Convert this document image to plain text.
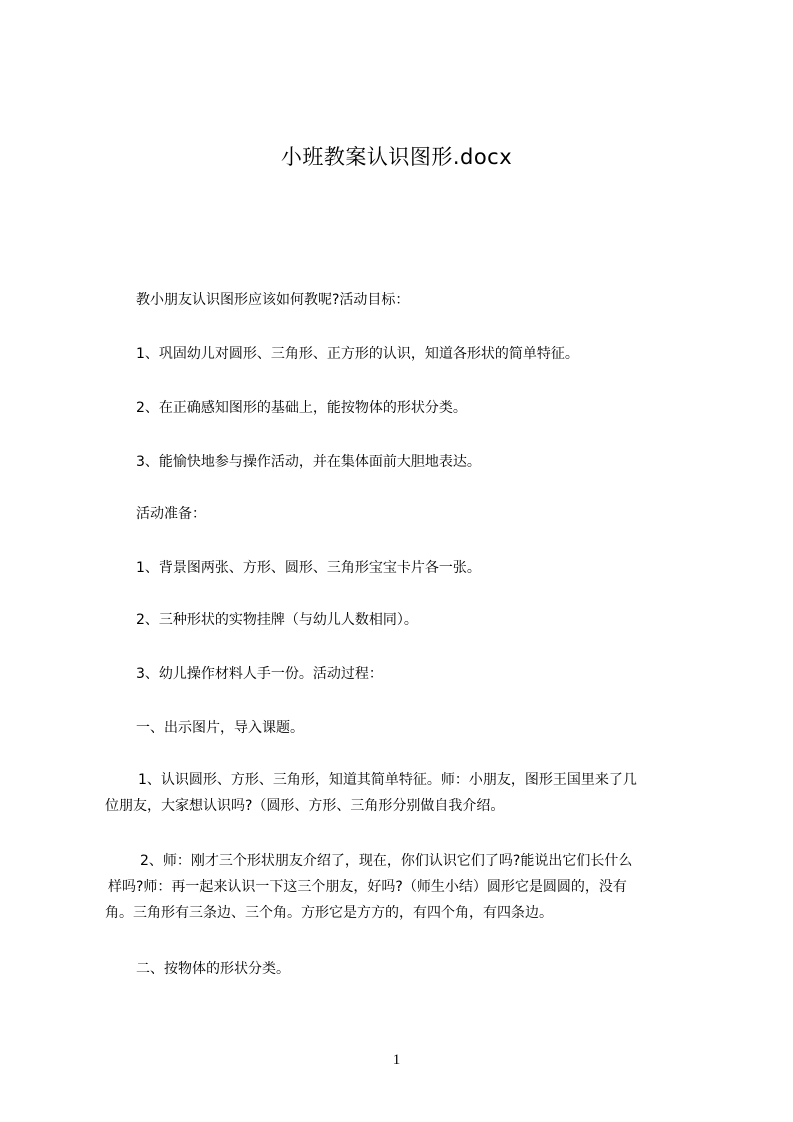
小班教案认识图形.docx
教小朋友认识图形应该如何教呢?活动目标：
1、巩固幼儿对圆形、三角形、正方形的认识，知道各形状的简单特征。
2、在正确感知图形的基础上，能按物体的形状分类。
3、能愉快地参与操作活动，并在集体面前大胆地表达。
活动准备：
1、背景图两张、方形、圆形、三角形宝宝卡片各一张。
2、三种形状的实物挂牌（与幼儿人数相同）。
3、幼儿操作材料人手一份。活动过程：
一、出示图片，导入课题。
1、认识圆形、方形、三角形，知道其简单特征。师：小朋友，图形王国里来了几
位朋友，大家想认识吗?（圆形、方形、三角形分别做自我介绍。
2、师：刚才三个形状朋友介绍了，现在，你们认识它们了吗?能说出它们长什么
样吗?师：再一起来认识一下这三个朋友，好吗?（师生小结）圆形它是圆圆的，没有
角。三角形有三条边、三个角。方形它是方方的，有四个角，有四条边。
二、按物体的形状分类。
1
